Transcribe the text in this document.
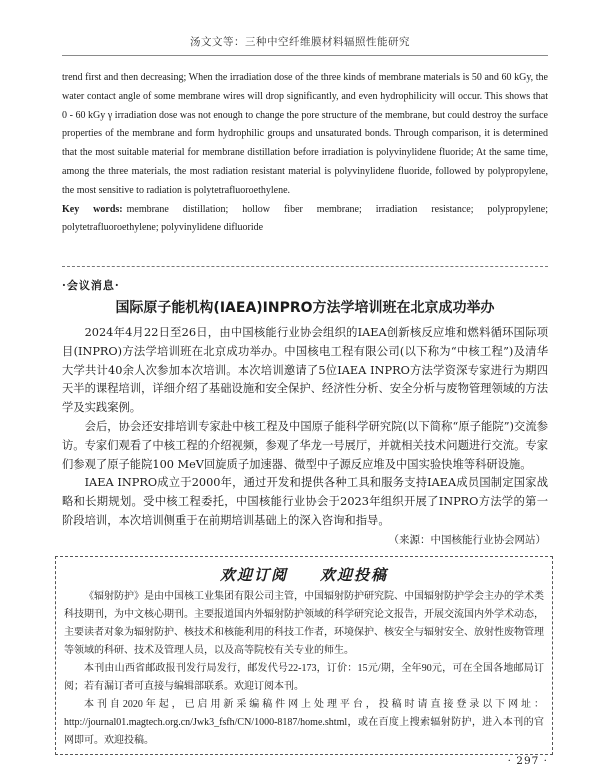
汤文文等：三种中空纤维膜材料辐照性能研究

trend first and then decreasing; When the irradiation dose of the three kinds of membrane materials is 50 and 60 kGy, the water contact angle of some membrane wires will drop significantly, and even hydrophilicity will occur. This shows that 0 - 60 kGy γ irradiation dose was not enough to change the pore structure of the membrane, but could destroy the surface properties of the membrane and form hydrophilic groups and unsaturated bonds. Through comparison, it is determined that the most suitable material for membrane distillation before irradiation is polyvinylidene fluoride; At the same time, among the three materials, the most radiation resistant material is polyvinylidene fluoride, followed by polypropylene, the most sensitive to radiation is polytetrafluoroethylene.

Key words: membrane distillation; hollow fiber membrane; irradiation resistance; polypropylene; polytetrafluoroethylene; polyvinylidene difluoride

·会议消息·
国际原子能机构(IAEA)INPRO方法学培训班在北京成功举办

2024年4月22日至26日，由中国核能行业协会组织的IAEA创新核反应堆和燃料循环国际项目(INPRO)方法学培训班在北京成功举办。中国核电工程有限公司(以下称为“中核工程”)及清华大学共计40余人次参加本次培训。本次培训邀请了5位IAEA INPRO方法学资深专家进行为期四天半的课程培训，详细介绍了基础设施和安全保护、经济性分析、安全分析与废物管理领域的方法学及实践案例。

会后，协会还安排培训专家赴中核工程及中国原子能科学研究院(以下简称“原子能院”)交流参访。专家们观看了中核工程的介绍视频，参观了华龙一号展厅，并就相关技术问题进行交流。专家们参观了原子能院100 MeV回旋质子加速器、微型中子源反应堆及中国实验快堆等科研设施。

IAEA INPRO成立于2000年，通过开发和提供各种工具和服务支持IAEA成员国制定国家战略和长期规划。受中核工程委托，中国核能行业协会于2023年组织开展了INPRO方法学的第一阶段培训，本次培训侧重于在前期培训基础上的深入咨询和指导。

（来源：中国核能行业协会网站）
欢迎订阅 欢迎投稿

《辐射防护》是由中国核工业集团有限公司主管，中国辐射防护研究院、中国辐射防护学会主办的学术类科技期刊，为中文核心期刊。主要报道国内外辐射防护领域的科学研究论文报告，开展交流国内外学术动态，主要读者对象为辐射防护、核技术和核能利用的科技工作者，环境保护、核安全与辐射安全、放射性废物管理等领域的科研、技术及管理人员，以及高等院校有关专业的师生。

本刊由山西省邮政报刊发行局发行，邮发代号22-173，订价：15元/期，全年90元，可在全国各地邮局订阅；若有漏订者可直接与编辑部联系。欢迎订阅本刊。

本刊自2020年起，已启用新采编稿件网上处理平台，投稿时请直接登录以下网址：http://journal01.magtech.org.cn/Jwk3_fsfh/CN/1000-8187/home.shtml，或在百度上搜索辐射防护，进入本刊的官网即可。欢迎投稿。

· 297 ·
